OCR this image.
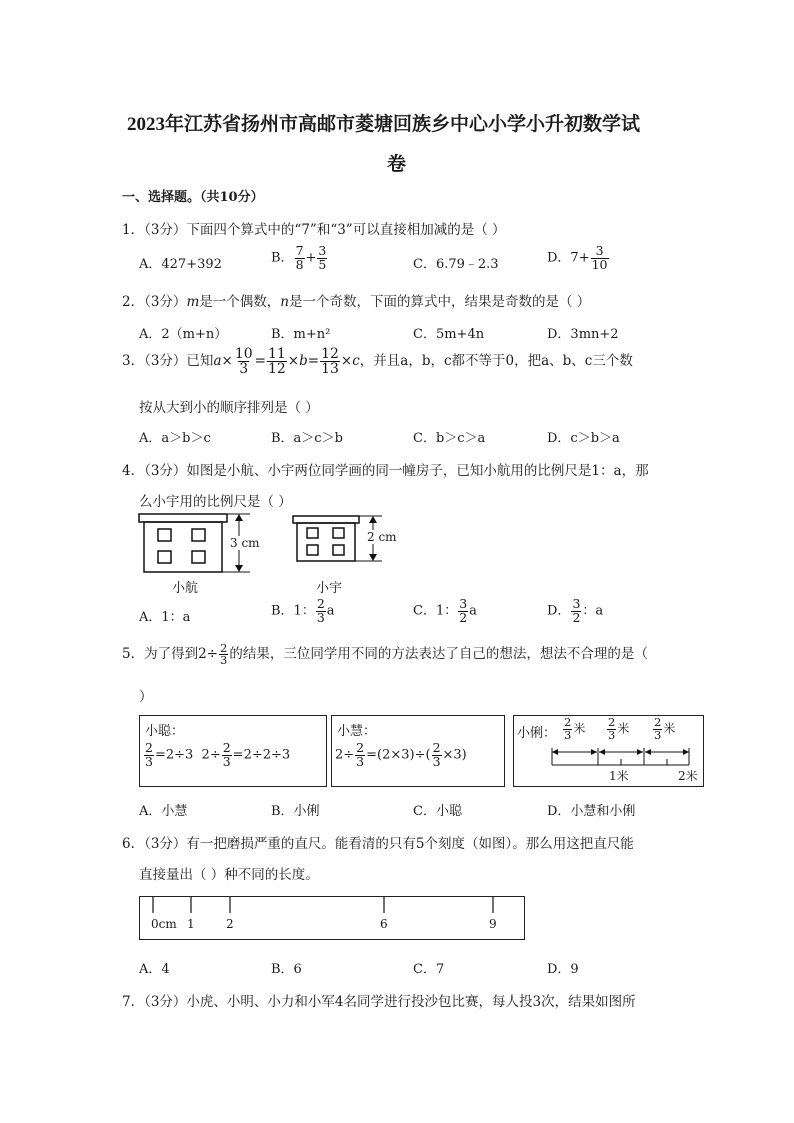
2023年江苏省扬州市高邮市菱塘回族乡中心小学小升初数学试
卷
一、选择题。（共10分）
1．（3分）下面四个算式中的“7”和“3”可以直接相加减的是（ ）
A．427+392	B． $\frac{7}{8} + \frac{3}{5}$	C．6.79﹣2.3	D．$7+ \frac{3}{10}$
2．（3分）m是一个偶数，n是一个奇数，下面的算式中，结果是奇数的是（ ）
A．2（m+n）	B．m+n²	C．5m+4n	D．3mn+2
3．（3分）已知$a\times \frac{10}{3} = \frac{11}{12} \times b= \frac{12}{13} \times c$，并且a，b，c都不等于0，把a、b、c三个数
按从大到小的顺序排列是（ ）
A．a＞b＞c	B．a＞c＞b	C．b＞c＞a	D．c＞b＞a
4．（3分）如图是小航、小宇两位同学画的同一幢房子，已知小航用的比例尺是1：a，那
么小宇用的比例尺是（ ）
3 cm	2 cm
小航	小宇
A．1：a	B．1： $\frac{2}{3}$ a	C．1： $\frac{3}{2}$ a	D． $\frac{3}{2}$ ：a
5．为了得到$2\div \frac{2}{3}$ 的结果，三位同学用不同的方法表达了自己的想法，想法不合理的是（
）
小聪：
$\frac{2}{3} =2\div 3$ $2\div \frac{2}{3} =2\div 2\div 3$
小慧：
$2\div \frac{2}{3} =(2\times 3)\div( \frac{2}{3} \times 3)$
小俐： $\frac{2}{3}$ 米 $\frac{2}{3}$ 米 $\frac{2}{3}$ 米
1米	2米
A．小慧	B．小俐	C．小聪	D．小慧和小俐
6．（3分）有一把磨损严重的直尺。能看清的只有5个刻度（如图）。那么用这把直尺能
直接量出（ ）种不同的长度。
0cm 1	2	6	9
A．4	B．6	C．7	D．9
7．（3分）小虎、小明、小力和小军4名同学进行投沙包比赛，每人投3次，结果如图所
